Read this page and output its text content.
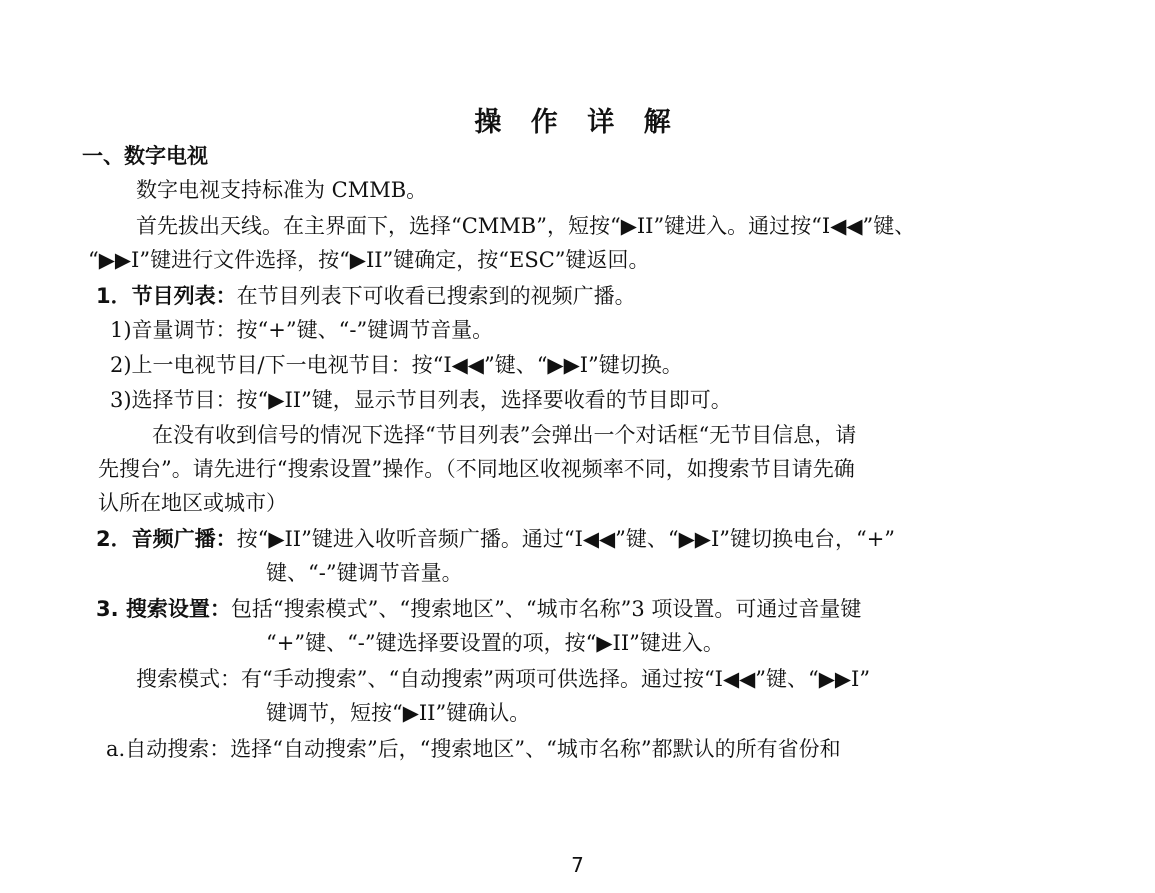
操 作 详 解
一、数字电视
数字电视支持标准为 CMMB。
首先拔出天线。在主界面下，选择“CMMB”，短按“▶II”键进入。通过按“I◀◀”键、
“▶▶I”键进行文件选择，按“▶II”键确定，按“ESC”键返回。
1．节目列表：在节目列表下可收看已搜索到的视频广播。
1)音量调节：按“+”键、“-”键调节音量。
2)上一电视节目/下一电视节目：按“I◀◀”键、“▶▶I”键切换。
3)选择节目：按“▶II”键，显示节目列表，选择要收看的节目即可。
在没有收到信号的情况下选择“节目列表”会弹出一个对话框“无节目信息，请
先搜台”。请先进行“搜索设置”操作。（不同地区收视频率不同，如搜索节目请先确
认所在地区或城市）
2．音频广播：按“▶II”键进入收听音频广播。通过“I◀◀”键、“▶▶I”键切换电台，“+”
键、“-”键调节音量。
3. 搜索设置：包括“搜索模式”、“搜索地区”、“城市名称”3 项设置。可通过音量键
“+”键、“-”键选择要设置的项，按“▶II”键进入。
搜索模式：有“手动搜索”、“自动搜索”两项可供选择。通过按“I◀◀”键、“▶▶I”
键调节，短按“▶II”键确认。
a.自动搜索：选择“自动搜索”后，“搜索地区”、“城市名称”都默认的所有省份和
7
